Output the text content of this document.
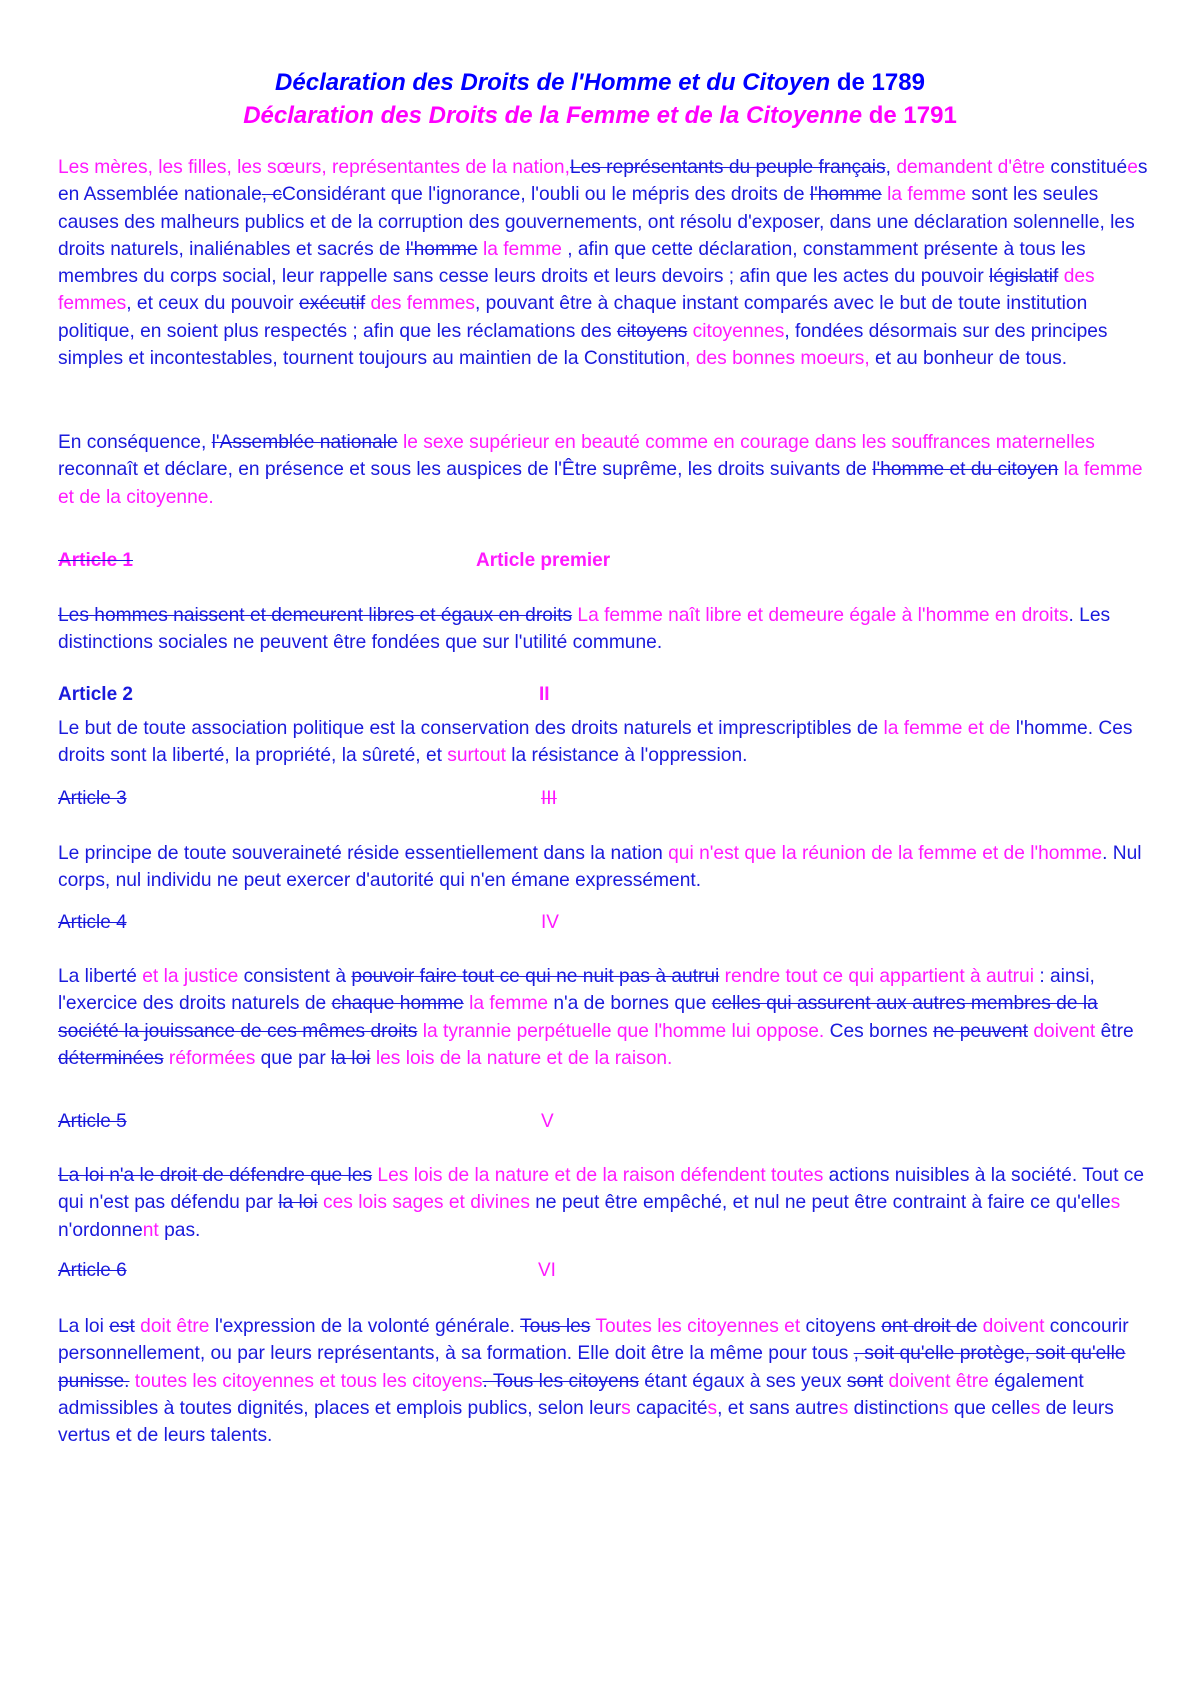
Déclaration des Droits de l'Homme et du Citoyen de 1789
Déclaration des Droits de la Femme et de la Citoyenne de 1791
Les mères, les filles, les sœurs, représentantes de la nation,Les représentants du peuple français, demandent d'être constituées en Assemblée nationale, cConsidérant que l'ignorance, l'oubli ou le mépris des droits de l'homme la femme sont les seules causes des malheurs publics et de la corruption des gouvernements, ont résolu d'exposer, dans une déclaration solennelle, les droits naturels, inaliénables et sacrés de l'homme la femme , afin que cette déclaration, constamment présente à tous les membres du corps social, leur rappelle sans cesse leurs droits et leurs devoirs ; afin que les actes du pouvoir législatif des femmes, et ceux du pouvoir exécutif des femmes, pouvant être à chaque instant comparés avec le but de toute institution politique, en soient plus respectés ; afin que les réclamations des citoyens citoyennes, fondées désormais sur des principes simples et incontestables, tournent toujours au maintien de la Constitution, des bonnes moeurs, et au bonheur de tous.
En conséquence, l'Assemblée nationale le sexe supérieur en beauté comme en courage dans les souffrances maternelles reconnaît et déclare, en présence et sous les auspices de l'Être suprême, les droits suivants de l'homme et du citoyen la femme et de la citoyenne.
Article 1	Article premier
Les hommes naissent et demeurent libres et égaux en droits La femme naît libre et demeure égale à l'homme en droits. Les distinctions sociales ne peuvent être fondées que sur l'utilité commune.
Article 2	II
Le but de toute association politique est la conservation des droits naturels et imprescriptibles de la femme et de l'homme. Ces droits sont la liberté, la propriété, la sûreté, et surtout la résistance à l'oppression.
Article 3	III
Le principe de toute souveraineté réside essentiellement dans la nation qui n'est que la réunion de la femme et de l'homme. Nul corps, nul individu ne peut exercer d'autorité qui n'en émane expressément.
Article 4	IV
La liberté et la justice consistent à pouvoir faire tout ce qui ne nuit pas à autrui rendre tout ce qui appartient à autrui : ainsi, l'exercice des droits naturels de chaque homme la femme n'a de bornes que celles qui assurent aux autres membres de la société la jouissance de ces mêmes droits la tyrannie perpétuelle que l'homme lui oppose. Ces bornes ne peuvent doivent être déterminées réformées que par la loi les lois de la nature et de la raison.
Article 5	V
La loi n'a le droit de défendre que les Les lois de la nature et de la raison défendent toutes actions nuisibles à la société. Tout ce qui n'est pas défendu par la loi ces lois sages et divines ne peut être empêché, et nul ne peut être contraint à faire ce qu'elles n'ordonnent pas.
Article 6	VI
La loi est doit être l'expression de la volonté générale. Tous les Toutes les citoyennes et citoyens ont droit de doivent concourir personnellement, ou par leurs représentants, à sa formation. Elle doit être la même pour tous , soit qu'elle protège, soit qu'elle punisse. toutes les citoyennes et tous les citoyens. Tous les citoyens étant égaux à ses yeux sont doivent être également admissibles à toutes dignités, places et emplois publics, selon leurs capacités, et sans autres distinctions que celles de leurs vertus et de leurs talents.
